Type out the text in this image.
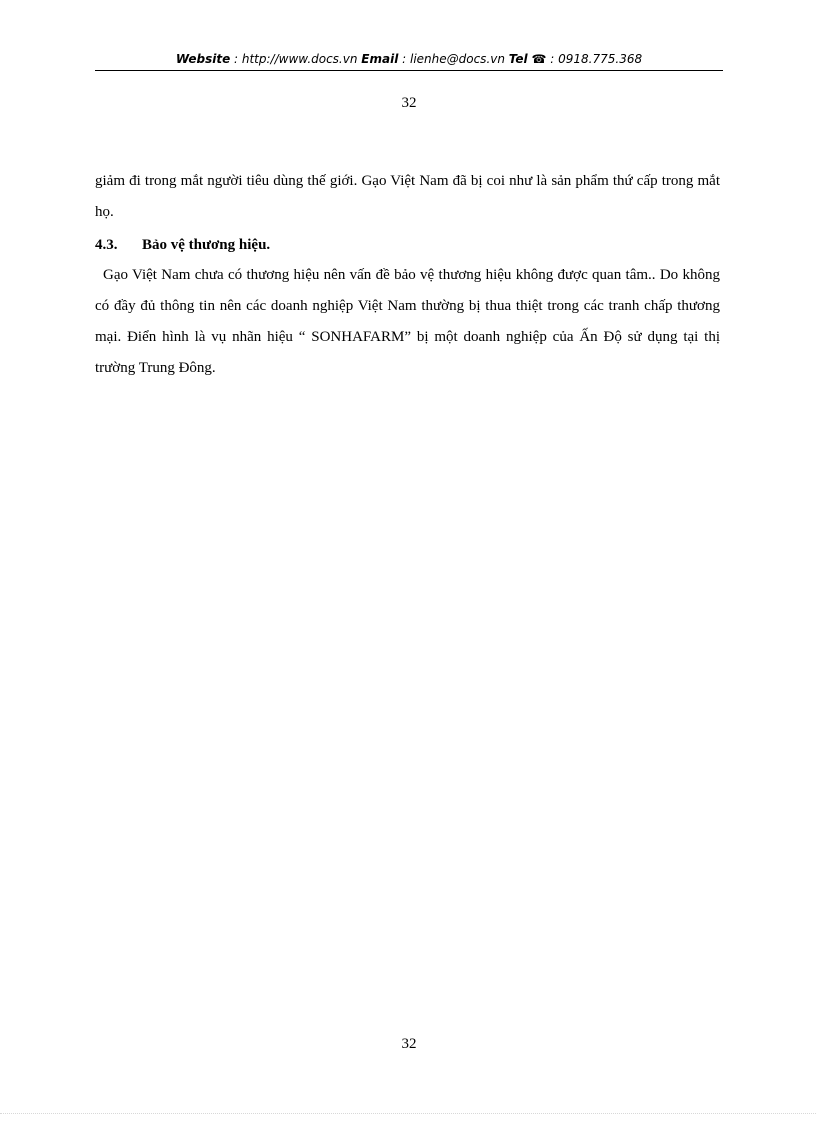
Website : http://www.docs.vn Email : lienhe@docs.vn Tel ☎ : 0918.775.368
32
giảm đi trong mắt người tiêu dùng thế giới. Gạo Việt Nam đã bị coi như là sản phẩm thứ cấp trong mắt họ.
4.3. Bảo vệ thương hiệu.
Gạo Việt Nam chưa có thương hiệu nên vấn đề bảo vệ thương hiệu không được quan tâm.. Do không có đầy đủ thông tin nên các doanh nghiệp Việt Nam thường bị thua thiệt trong các tranh chấp thương mại. Điển hình là vụ nhãn hiệu “ SONHAFARM” bị một doanh nghiệp của Ấn Độ sử dụng tại thị trường Trung Đông.
32
